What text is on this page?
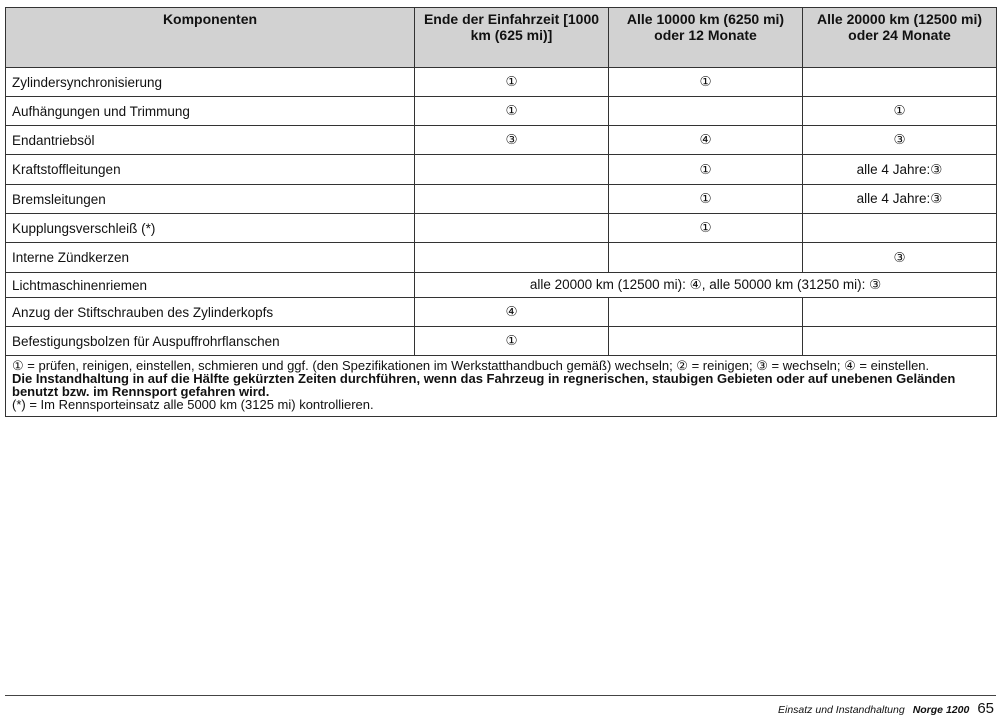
Komponenten	Ende der Einfahrzeit [1000 km (625 mi)]	Alle 10000 km (6250 mi) oder 12 Monate	Alle 20000 km (12500 mi) oder 24 Monate
Zylindersynchronisierung	①	①	
Aufhängungen und Trimmung	①		①
Endantriebsöl	③	④	③
Kraftstoffleitungen		①	alle 4 Jahre:③
Bremsleitungen		①	alle 4 Jahre:③
Kupplungsverschleiß (*)		①	
Interne Zündkerzen			③
Lichtmaschinenriemen	alle 20000 km (12500 mi): ④, alle 50000 km (31250 mi): ③		
Anzug der Stiftschrauben des Zylinderkopfs	④		
Befestigungsbolzen für Auspuffrohrflanschen	①		

① = prüfen, reinigen, einstellen, schmieren und ggf. (den Spezifikationen im Werkstatthandbuch gemäß) wechseln; ② = reinigen; ③ = wechseln; ④ = einstellen.
Die Instandhaltung in auf die Hälfte gekürzten Zeiten durchführen, wenn das Fahrzeug in regnerischen, staubigen Gebieten oder auf unebenen Geländen benutzt bzw. im Rennsport gefahren wird.
(*) = Im Rennsporteinsatz alle 5000 km (3125 mi) kontrollieren.			
Einsatz und Instandhaltung Norge 1200 65
